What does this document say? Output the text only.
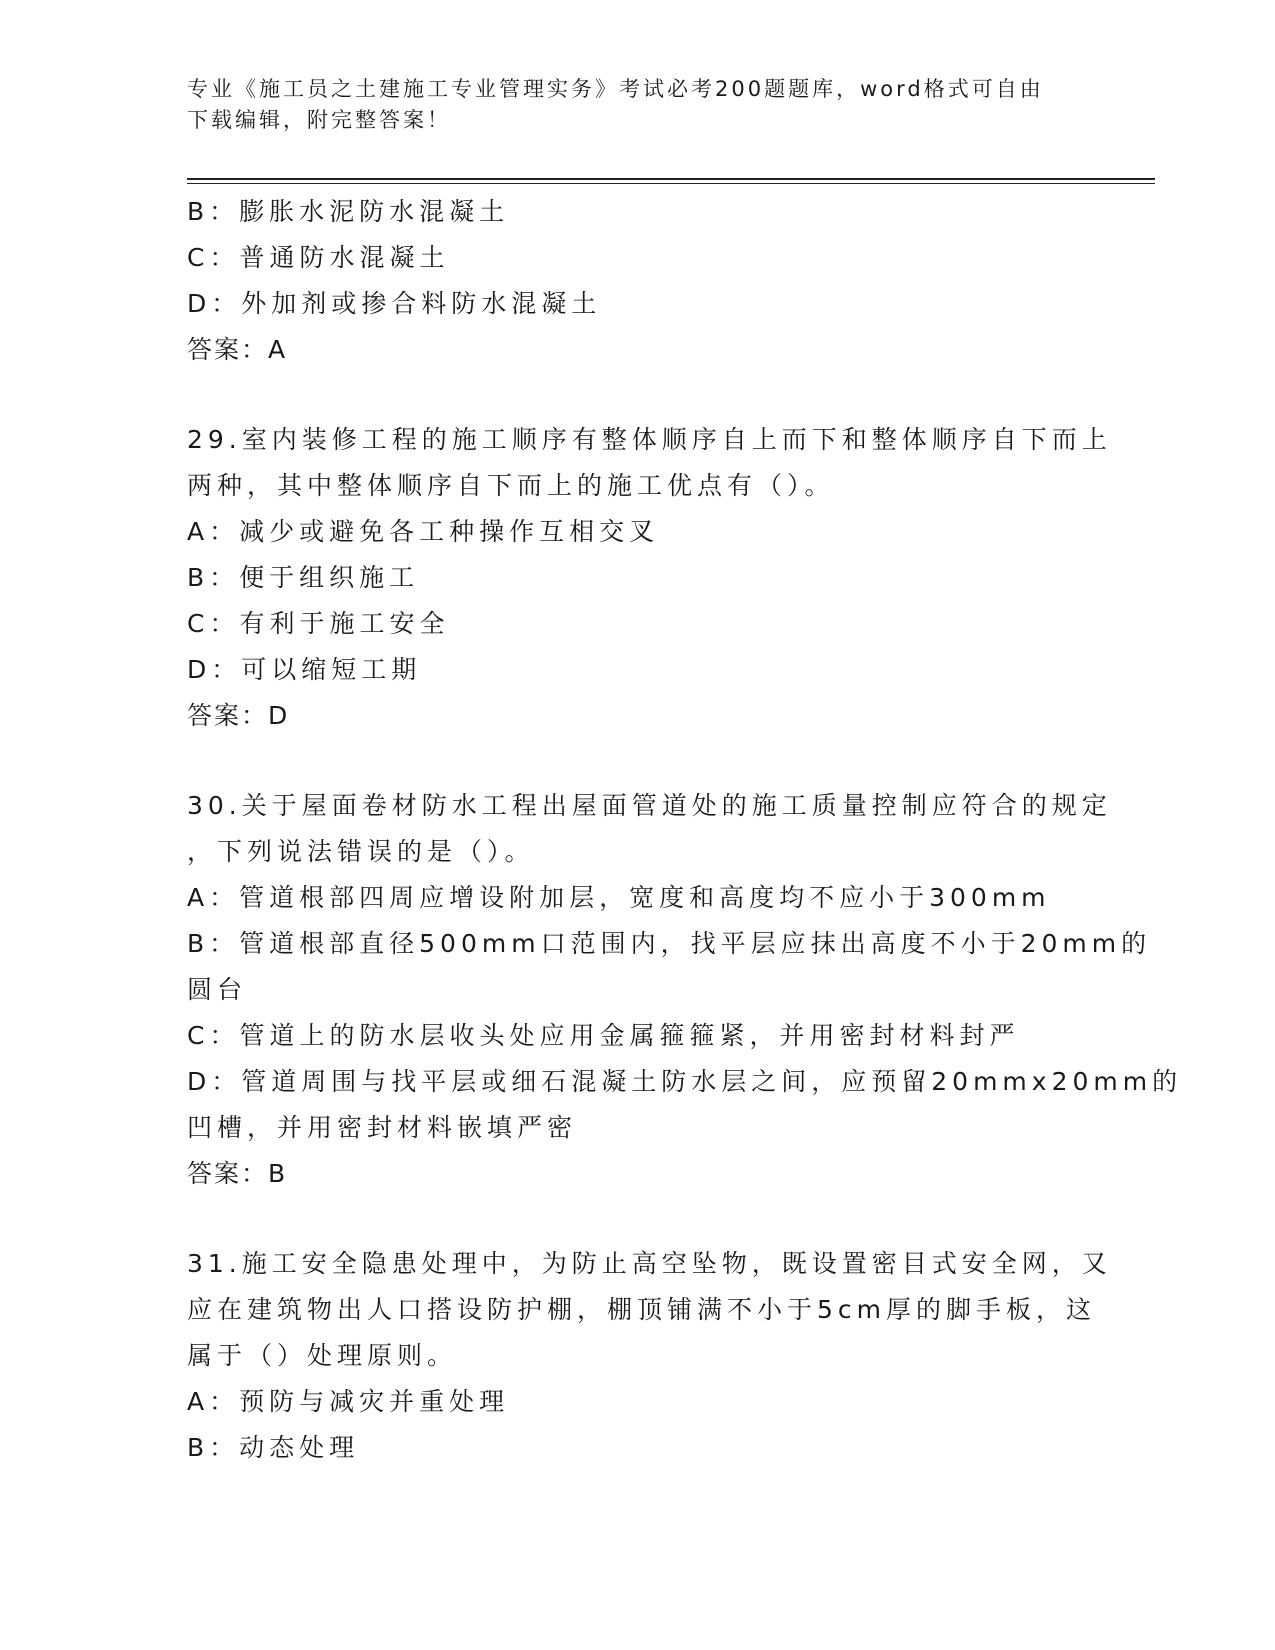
专业《施工员之土建施工专业管理实务》考试必考200题题库，word格式可自由
下载编辑，附完整答案！
B：膨胀水泥防水混凝土
C：普通防水混凝土
D：外加剂或掺合料防水混凝土
答案：A
29.室内装修工程的施工顺序有整体顺序自上而下和整体顺序自下而上
两种，其中整体顺序自下而上的施工优点有（）。
A：减少或避免各工种操作互相交叉
B：便于组织施工
C：有利于施工安全
D：可以缩短工期
答案：D
30.关于屋面卷材防水工程出屋面管道处的施工质量控制应符合的规定
，下列说法错误的是（）。
A：管道根部四周应增设附加层，宽度和高度均不应小于300mm
B：管道根部直径500mm口范围内，找平层应抹出高度不小于20mm的
圆台
C：管道上的防水层收头处应用金属箍箍紧，并用密封材料封严
D：管道周围与找平层或细石混凝土防水层之间，应预留20mmx20mm的
凹槽，并用密封材料嵌填严密
答案：B
31.施工安全隐患处理中，为防止高空坠物，既设置密目式安全网，又
应在建筑物出人口搭设防护棚，棚顶铺满不小于5cm厚的脚手板，这
属于（）处理原则。
A：预防与减灾并重处理
B：动态处理
